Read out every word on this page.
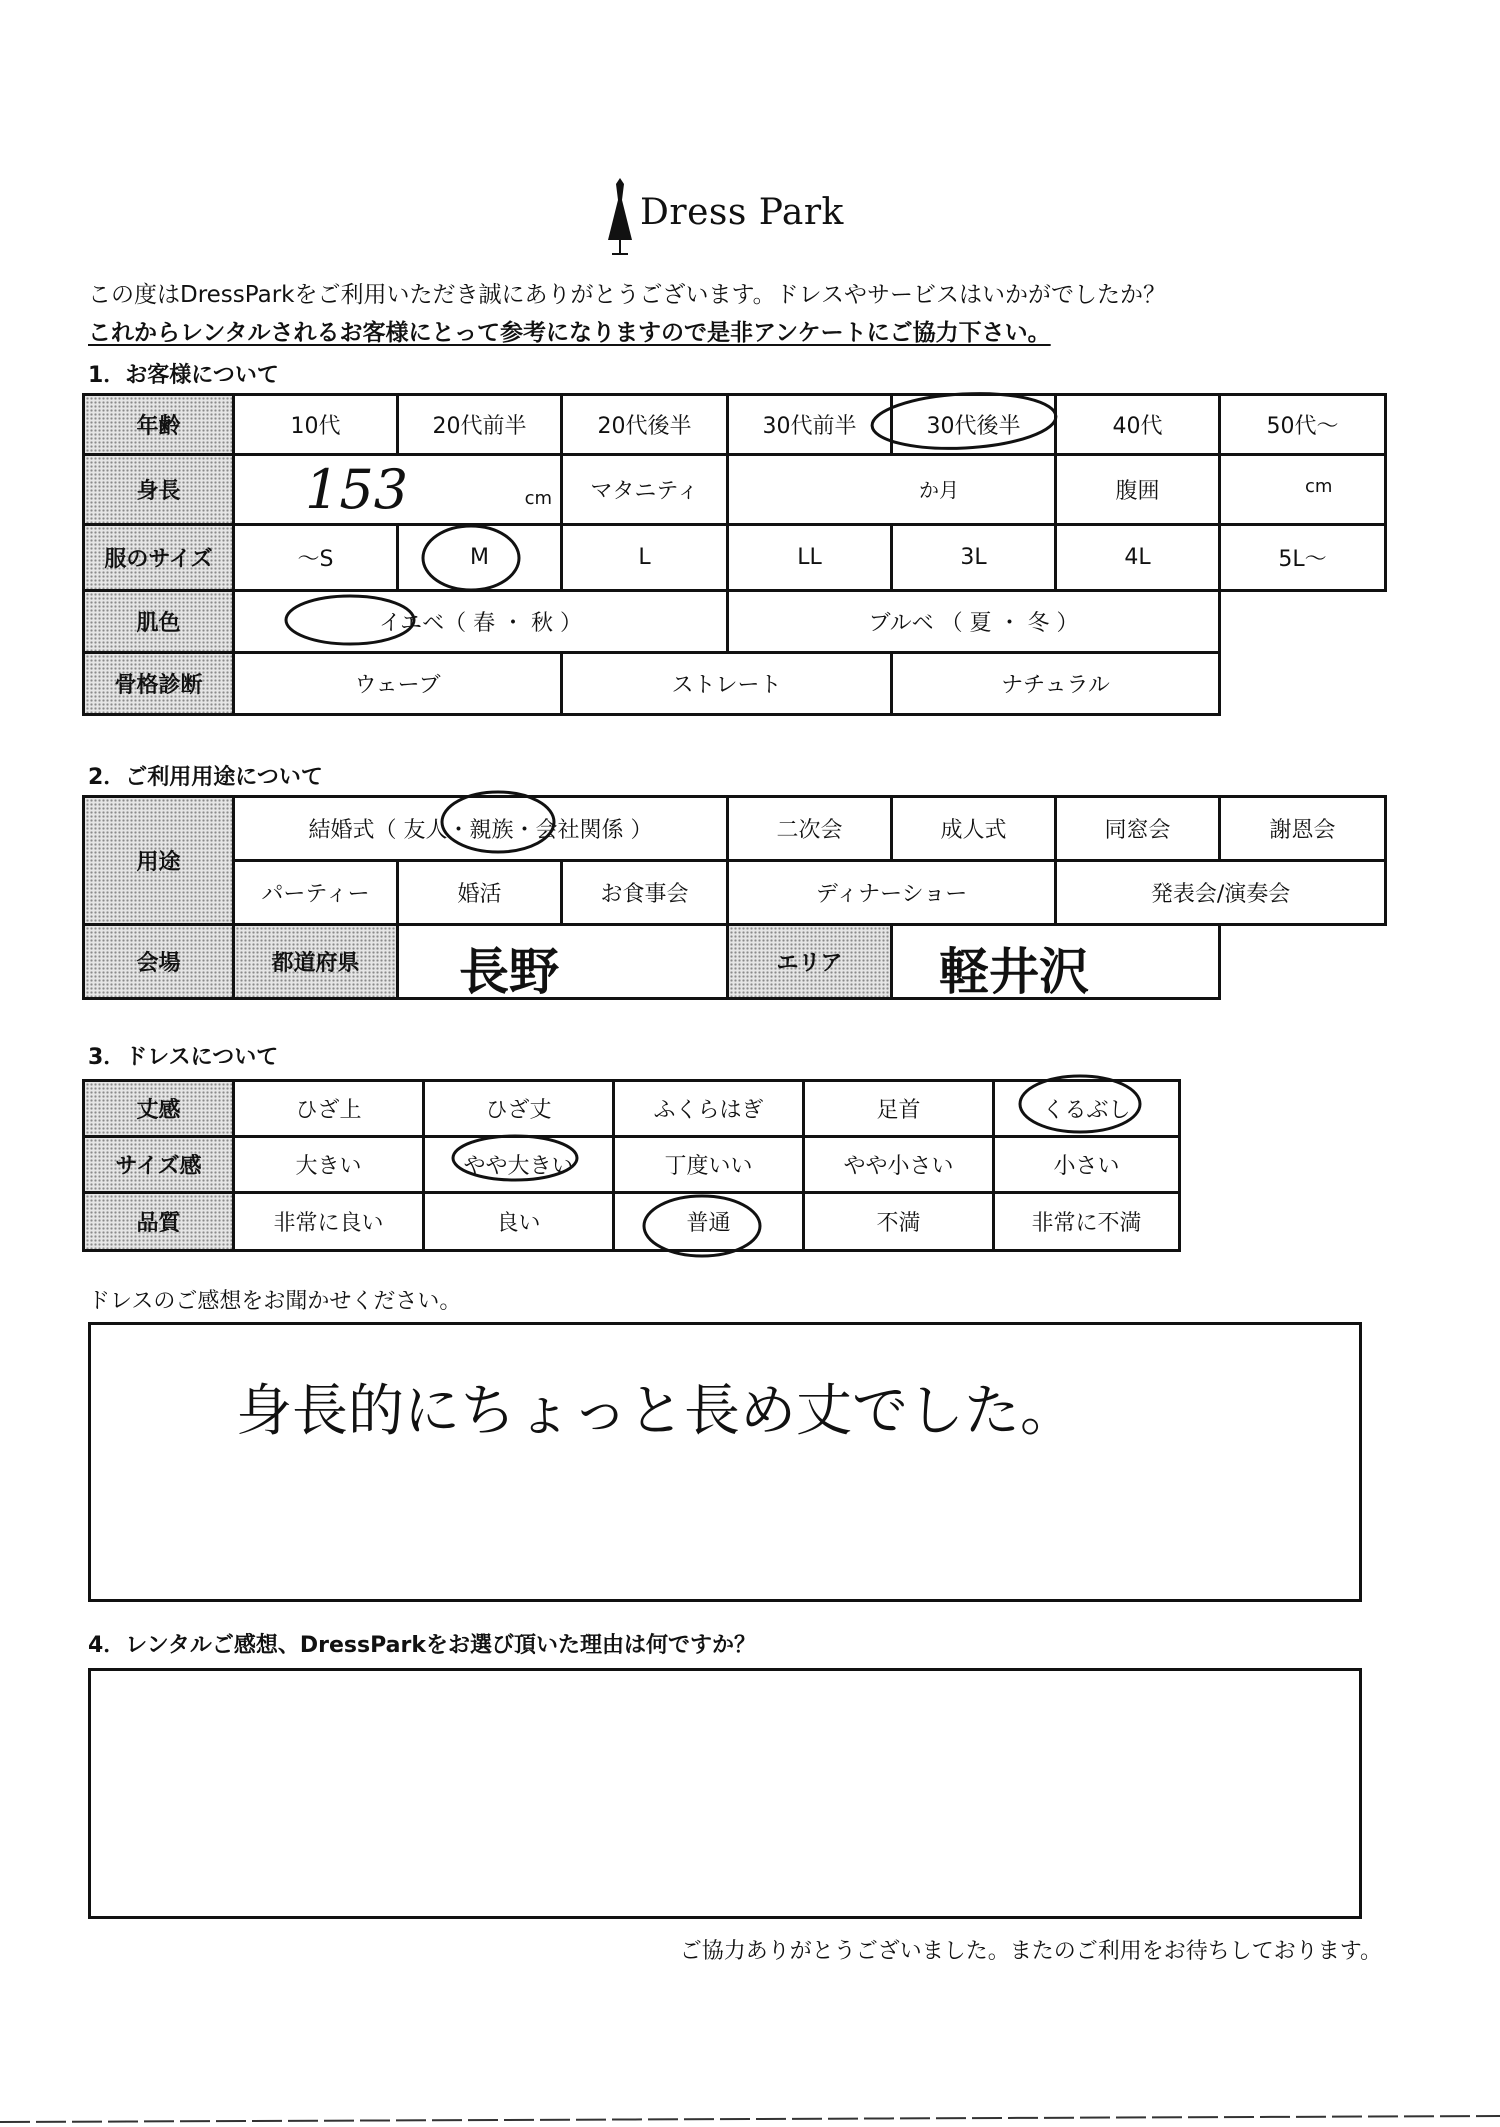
Dress Park
この度はDressParkをご利用いただき誠にありがとうございます。ドレスやサービスはいかがでしたか？
これからレンタルされるお客様にとって参考になりますので是非アンケートにご協力下さい。
1．お客様について
年齢	10代	20代前半	20代後半	30代前半	30代後半	40代	50代～
身長	153 cm		マタニティ	か月		腹囲	cm

服のサイズ	～S	M	L	LL	3L	4L	5L～
肌色	イエベ（ 春 ・ 秋 ）			ブルベ （ 夏 ・ 冬 ）			
骨格診断	ウェーブ		ストレート		ナチュラル		
2．ご利用用途について
用途	結婚式（ 友人・親族・会社関係 ）			二次会	成人式	同窓会	謝恩会
	パーティー	婚活	お食事会	ディナーショー		発表会/演奏会	
会場	都道府県	長野		エリア	軽井沢		

3．ドレスについて
丈感	ひざ上	ひざ丈	ふくらはぎ	足首	くるぶし
サイズ感	大きい	やや大きい	丁度いい	やや小さい	小さい
品質	非常に良い	良い	普通	不満	非常に不満
ドレスのご感想をお聞かせください。
身長的にちょっと長め丈でした。
4．レンタルご感想、DressParkをお選び頂いた理由は何ですか？
ご協力ありがとうございました。またのご利用をお待ちしております。
